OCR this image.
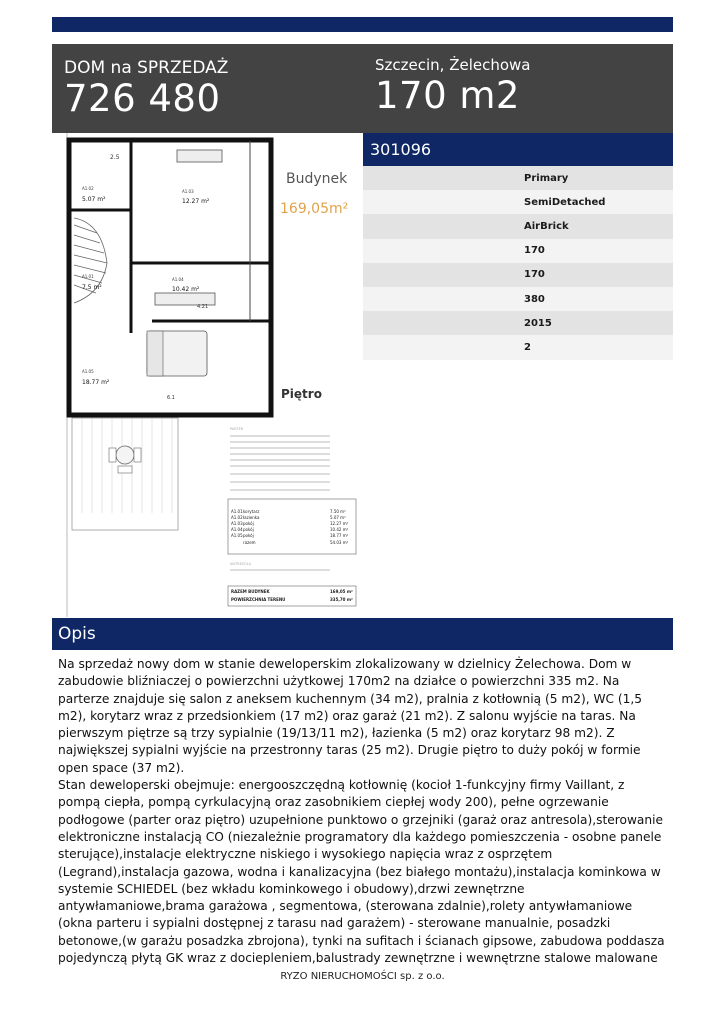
DOM na SPRZEDAŻ
726 480
Szczecin, Żelechowa
170 m2
A1.02
5.07 m²
A1.03
12.27 m²
A1.01
7.5 m²
A1.04
10.42 m²
A1.05
18.77 m²
2.5
6.1
4.21
Budynek
169,05m²
Piętro
PARTER
A1.01 korytarz	7.50 m²
A1.02 łazienka	5.07 m²
A1.03 pokój	12.27 m²
A1.04 pokój	10.42 m²
A1.05 pokój	18.77 m²
razem	54.03 m²
ANTRESOLA
RAZEM BUDYNEK	169,05 m²
POWIERZCHNIA TERENU	335,70 m²
301096
Primary
SemiDetached
AirBrick
170
170
380
2015
2
Opis

Na sprzedaż nowy dom w stanie deweloperskim zlokalizowany w dzielnicy Żelechowa. Dom w zabudowie bliźniaczej o powierzchni użytkowej 170m2 na działce o powierzchni 335 m2. Na parterze znajduje się salon z aneksem kuchennym (34 m2), pralnia z kotłownią (5 m2), WC (1,5 m2), korytarz wraz z przedsionkiem (17 m2) oraz garaż (21 m2). Z salonu wyjście na taras. Na pierwszym piętrze są trzy sypialnie (19/13/11 m2), łazienka (5 m2) oraz korytarz 98 m2). Z największej sypialni wyjście na przestronny taras (25 m2). Drugie piętro to duży pokój w formie open space (37 m2).

Stan deweloperski obejmuje: energooszczędną kotłownię (kocioł 1-funkcyjny firmy Vaillant, z pompą ciepła, pompą cyrkulacyjną oraz zasobnikiem ciepłej wody 200), pełne ogrzewanie podłogowe (parter oraz piętro) uzupełnione punktowo o grzejniki (garaż oraz antresola),sterowanie elektroniczne instalacją CO (niezależnie programatory dla każdego pomieszczenia - osobne panele sterujące),instalacje elektryczne niskiego i wysokiego napięcia wraz z osprzętem (Legrand),instalacja gazowa, wodna i kanalizacyjna (bez białego montażu),instalacja kominkowa w systemie SCHIEDEL (bez wkładu kominkowego i obudowy),drzwi zewnętrzne antywłamaniowe,brama garażowa , segmentowa, (sterowana zdalnie),rolety antywłamaniowe (okna parteru i sypialni dostępnej z tarasu nad garażem) - sterowane manualnie, posadzki betonowe,(w garażu posadzka zbrojona), tynki na sufitach i ścianach gipsowe, zabudowa poddasza pojedynczą płytą GK wraz z dociepleniem,balustrady zewnętrzne i wewnętrzne stalowe malowane

RYZO NIERUCHOMOŚCI sp. z o.o.
